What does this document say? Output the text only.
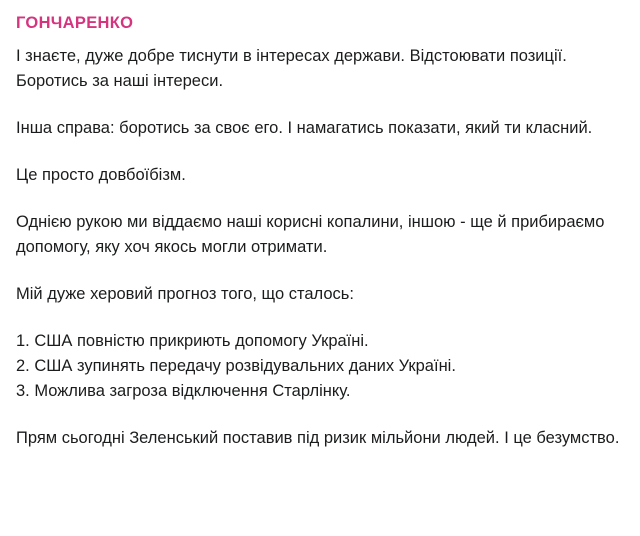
ГОНЧАРЕНКО

І знаєте, дуже добре тиснути в інтересах держави. Відстоювати позиції. Боротись за наші інтереси.

Інша справа: боротись за своє его. І намагатись показати, який ти класний.

Це просто довбоїбізм.

Однією рукою ми віддаємо наші корисні копалини, іншою - ще й прибираємо допомогу, яку хоч якось могли отримати.

Мій дуже херовий прогноз того, що сталось:

1. США повністю прикриють допомогу Україні.

2. США зупинять передачу розвідувальних даних Україні.

3. Можлива загроза відключення Старлінку.

Прям сьогодні Зеленський поставив під ризик мільйони людей. І це безумство.
